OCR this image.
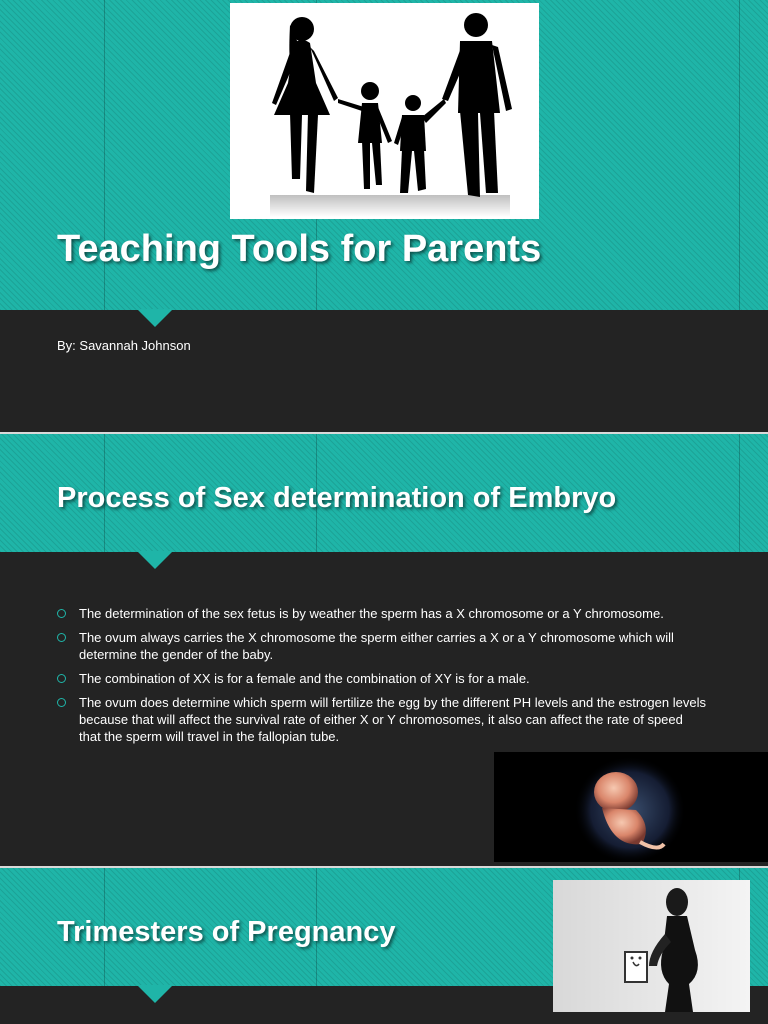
Teaching Tools for Parents
By: Savannah Johnson
Process of Sex determination of Embryo
The determination of the sex fetus is by weather the sperm has a X chromosome or a Y chromosome.
The ovum always carries the X chromosome the sperm either carries a X or a Y chromosome which will determine the gender of the baby.
The combination of XX is for a female and the combination of XY is for a male.
The ovum does determine which sperm will fertilize the egg by the different PH levels and the estrogen levels because that will affect the survival rate of either X or Y chromosomes, it also can affect the rate of speed that the sperm will travel in the fallopian tube.
Trimesters of Pregnancy
